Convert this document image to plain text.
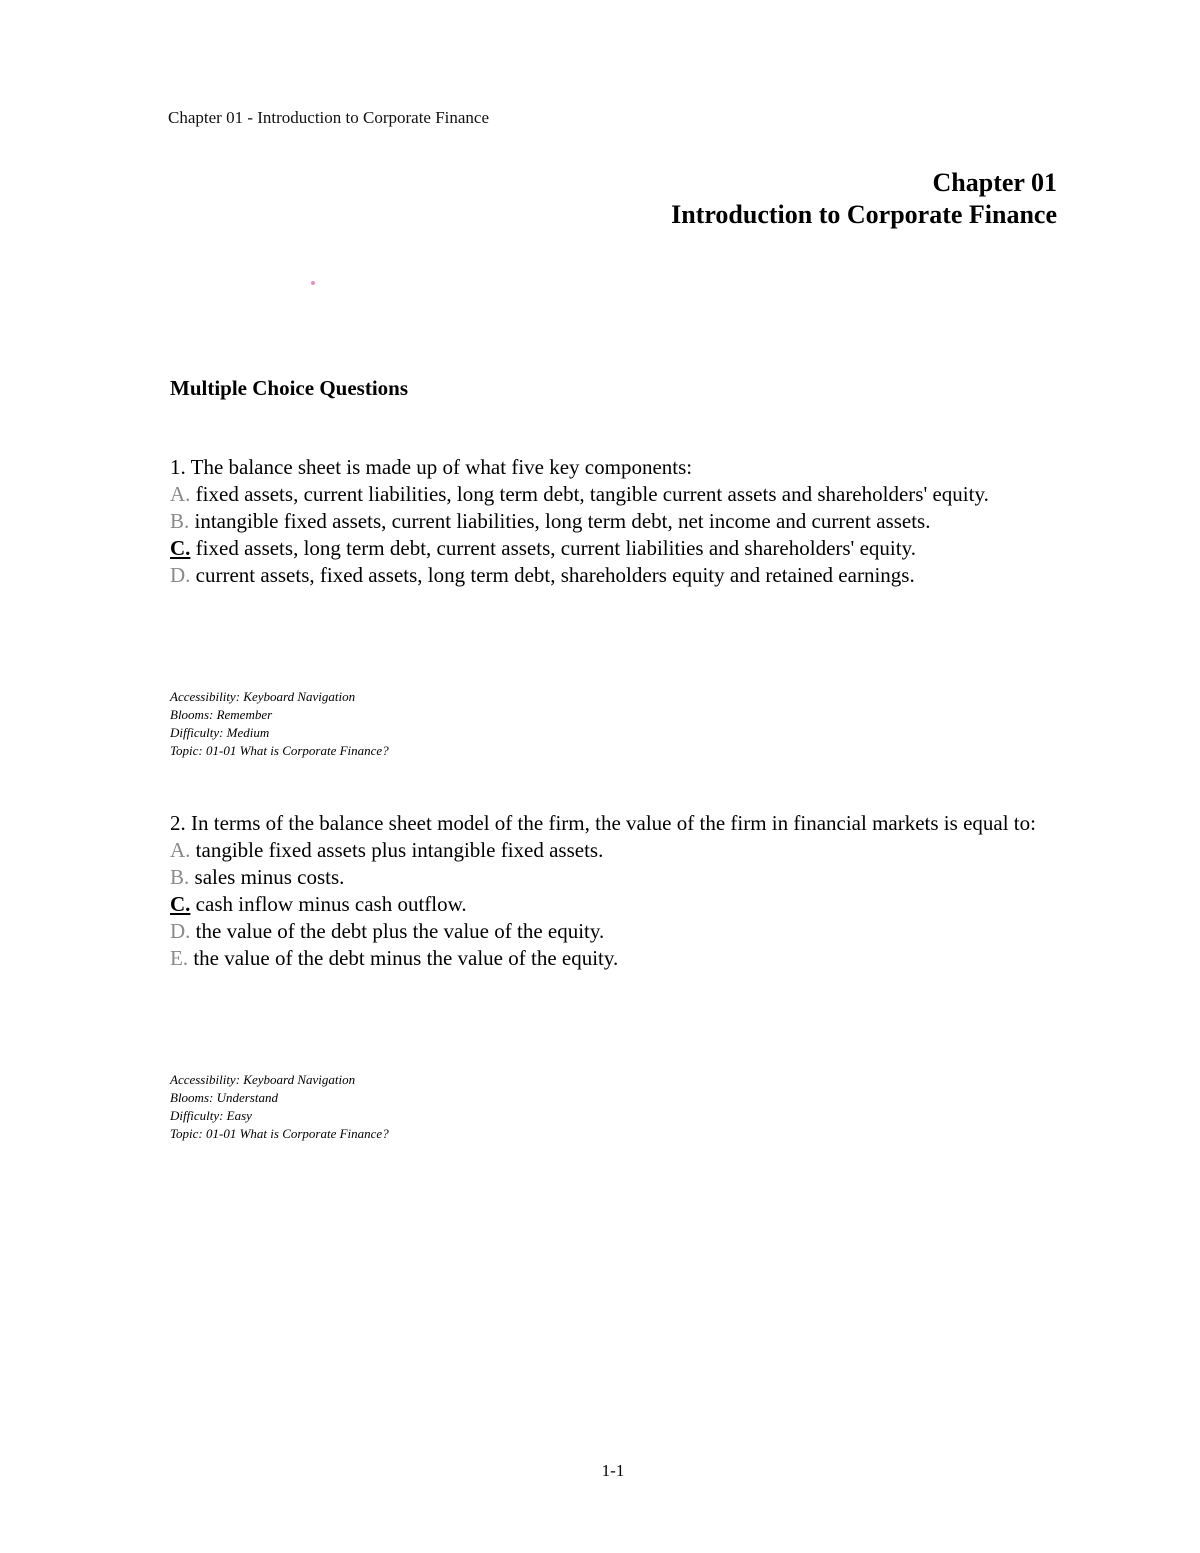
Chapter 01 - Introduction to Corporate Finance
Chapter 01
Introduction to Corporate Finance
Multiple Choice Questions

1. The balance sheet is made up of what five key components:

A. fixed assets, current liabilities, long term debt, tangible current assets and shareholders' equity.

B. intangible fixed assets, current liabilities, long term debt, net income and current assets.

C. fixed assets, long term debt, current assets, current liabilities and shareholders' equity.

D. current assets, fixed assets, long term debt, shareholders equity and retained earnings.

Accessibility: Keyboard Navigation
Blooms: Remember
Difficulty: Medium
Topic: 01-01 What is Corporate Finance?

2. In terms of the balance sheet model of the firm, the value of the firm in financial markets is equal to:

A. tangible fixed assets plus intangible fixed assets.

B. sales minus costs.

C. cash inflow minus cash outflow.

D. the value of the debt plus the value of the equity.

E. the value of the debt minus the value of the equity.

Accessibility: Keyboard Navigation
Blooms: Understand
Difficulty: Easy
Topic: 01-01 What is Corporate Finance?
1-1
